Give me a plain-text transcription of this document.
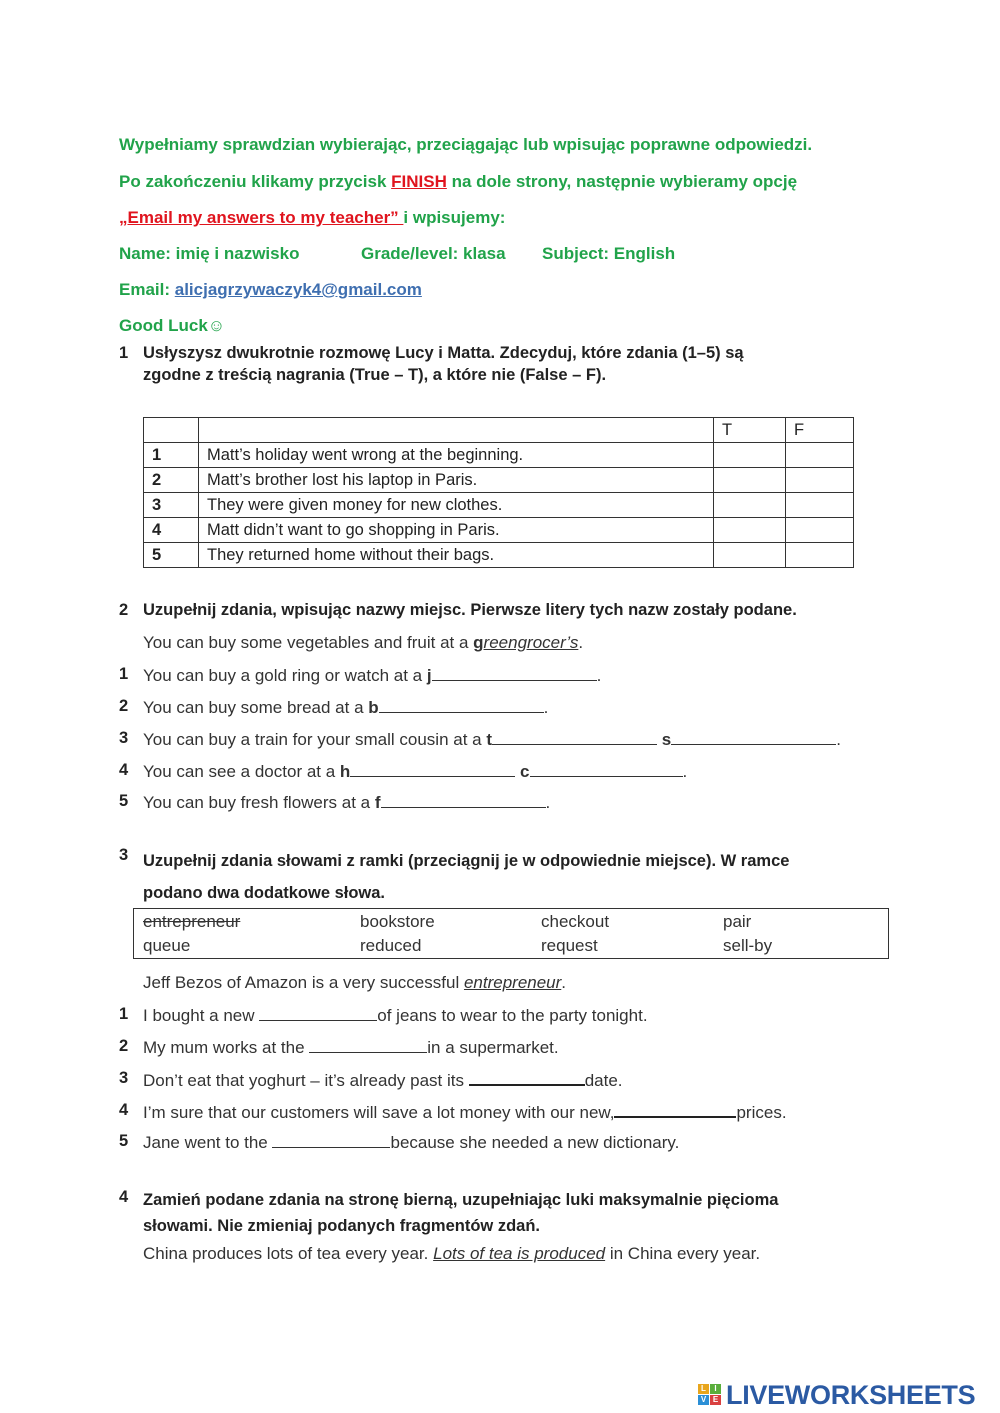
Wypełniamy sprawdzian wybierając, przeciągając lub wpisując poprawne odpowiedzi.
Po zakończeniu klikamy przycisk FINISH na dole strony, następnie wybieramy opcję
„Email my answers to my teacher” i wpisujemy:
Name: imię i nazwisko	Grade/level: klasa Subject: English
Email: alicjagrzywaczyk4@gmail.com
Good Luck☺
1 Usłyszysz dwukrotnie rozmowę Lucy i Matta. Zdecyduj, które zdania (1–5) są
zgodne z treścią nagrania (True – T), a które nie (False – F).
		T	F
1	Matt’s holiday went wrong at the beginning.		
2	Matt’s brother lost his laptop in Paris.		
3	They were given money for new clothes.		
4	Matt didn’t want to go shopping in Paris.		
5	They returned home without their bags.		
2 Uzupełnij zdania, wpisując nazwy miejsc. Pierwsze litery tych nazw zostały podane.
You can buy some vegetables and fruit at a greengrocer’s.
1 You can buy a gold ring or watch at a j	.
2 You can buy some bread at a b	.
3 You can buy a train for your small cousin at a t	s	.
4 You can see a doctor at a h	c	.
5 You can buy fresh flowers at a f	.
3 Uzupełnij zdania słowami z ramki (przeciągnij je w odpowiednie miejsce). W ramce
podano dwa dodatkowe słowa.
entrepreneur	bookstore	checkout	pair
queue	reduced	request	sell-by
Jeff Bezos of Amazon is a very successful entrepreneur.
1 I bought a new	of jeans to wear to the party tonight.
2 My mum works at the	in a supermarket.
3 Don’t eat that yoghurt – it’s already past its	date.
4 I’m sure that our customers will save a lot money with our new,	prices.
5 Jane went to the	because she needed a new dictionary.
4 Zamień podane zdania na stronę bierną, uzupełniając luki maksymalnie pięcioma
słowami. Nie zmieniaj podanych fragmentów zdań.
China produces lots of tea every year. Lots of tea is produced in China every year.
L	I
V E LIVEWORKSHEETS
